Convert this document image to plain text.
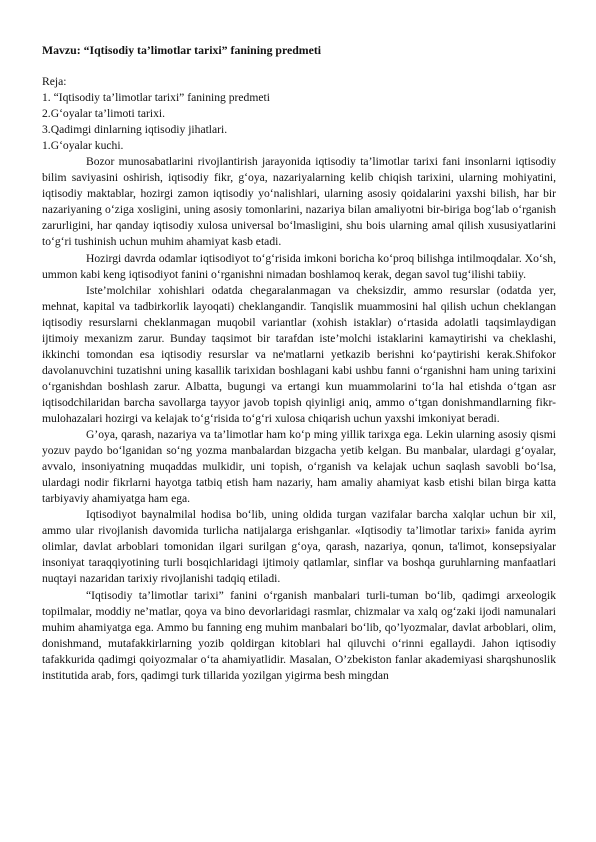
Mavzu: “Iqtisodiy ta’limotlar tarixi” fanining predmeti

Reja:

1. “Iqtisodiy ta’limotlar tarixi” fanining predmeti
2.G‘oyalar ta’limoti tarixi.
3.Qadimgi dinlarning iqtisodiy jihatlari.
1.G‘oyalar kuchi.

Bozor munosabatlarini rivojlantirish jarayonida iqtisodiy ta’limotlar tarixi fani insonlarni iqtisodiy bilim saviyasini oshirish, iqtisodiy fikr, g‘oya, nazariyalarning kelib chiqish tarixini, ularning mohiyatini, iqtisodiy maktablar, hozirgi zamon iqtisodiy yo‘nalishlari, ularning asosiy qoidalarini yaxshi bilish, har bir nazariyaning o‘ziga xosligini, uning asosiy tomonlarini, nazariya bilan amaliyotni bir-biriga bog‘lab o‘rganish zarurligini, har qanday iqtisodiy xulosa universal bo‘lmasligini, shu bois ularning amal qilish xususiyatlarini to‘g‘ri tushinish uchun muhim ahamiyat kasb etadi.

Hozirgi davrda odamlar iqtisodiyot to‘g‘risida imkoni boricha ko‘proq bilishga intilmoqdalar. Xo‘sh, ummon kabi keng iqtisodiyot fanini o‘rganishni nimadan boshlamoq kerak, degan savol tug‘ilishi tabiiy.

Iste’molchilar xohishlari odatda chegaralanmagan va cheksizdir, ammo resurslar (odatda yer, mehnat, kapital va tadbirkorlik layoqati) cheklangandir. Tanqislik muammosini hal qilish uchun cheklangan iqtisodiy resurslarni cheklanmagan muqobil variantlar (xohish istaklar) o‘rtasida adolatli taqsimlaydigan ijtimoiy mexanizm zarur. Bunday taqsimot bir tarafdan iste’molchi istaklarini kamaytirishi va cheklashi, ikkinchi tomondan esa iqtisodiy resurslar va ne'matlarni yetkazib berishni ko‘paytirishi kerak.Shifokor davolanuvchini tuzatishni uning kasallik tarixidan boshlagani kabi ushbu fanni o‘rganishni ham uning tarixini o‘rganishdan boshlash zarur. Albatta, bugungi va ertangi kun muammolarini to‘la hal etishda o‘tgan asr iqtisodchilaridan barcha savollarga tayyor javob topish qiyinligi aniq, ammo o‘tgan donishmandlarning fikr-mulohazalari hozirgi va kelajak to‘g‘risida to‘g‘ri xulosa chiqarish uchun yaxshi imkoniyat beradi.

G’oya, qarash, nazariya va ta’limotlar ham ko‘p ming yillik tarixga ega. Lekin ularning asosiy qismi yozuv paydo bo‘lganidan so‘ng yozma manbalardan bizgacha yetib kelgan. Bu manbalar, ulardagi g‘oyalar, avvalo, insoniyatning muqaddas mulkidir, uni topish, o‘rganish va kelajak uchun saqlash savobli bo‘lsa, ulardagi nodir fikrlarni hayotga tatbiq etish ham nazariy, ham amaliy ahamiyat kasb etishi bilan birga katta tarbiyaviy ahamiyatga ham ega.

Iqtisodiyot baynalmilal hodisa bo‘lib, uning oldida turgan vazifalar barcha xalqlar uchun bir xil, ammo ular rivojlanish davomida turlicha natijalarga erishganlar. «Iqtisodiy ta’limotlar tarixi» fanida ayrim olimlar, davlat arboblari tomonidan ilgari surilgan g‘oya, qarash, nazariya, qonun, ta'limot, konsepsiyalar insoniyat taraqqiyotining turli bosqichlaridagi ijtimoiy qatlamlar, sinflar va boshqa guruhlarning manfaatlari nuqtayi nazaridan tarixiy rivojlanishi tadqiq etiladi.

“Iqtisodiy ta’limotlar tarixi” fanini o‘rganish manbalari turli-tuman bo‘lib, qadimgi arxeologik topilmalar, moddiy ne’matlar, qoya va bino devorlaridagi rasmlar, chizmalar va xalq og‘zaki ijodi namunalari muhim ahamiyatga ega. Ammo bu fanning eng muhim manbalari bo‘lib, qo’lyozmalar, davlat arboblari, olim, donishmand, mutafakkirlarning yozib qoldirgan kitoblari hal qiluvchi o‘rinni egallaydi. Jahon iqtisodiy tafakkurida qadimgi qoiyozmalar o‘ta ahamiyatlidir. Masalan, O’zbekiston fanlar akademiyasi sharqshunoslik institutida arab, fors, qadimgi turk tillarida yozilgan yigirma besh mingdan
